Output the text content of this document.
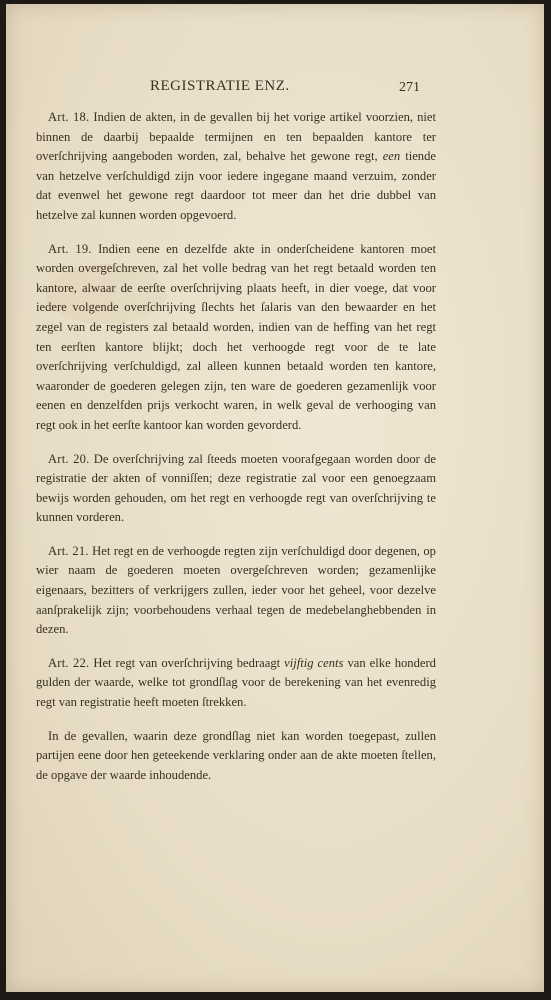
REGISTRATIE ENZ.	271

Art. 18. Indien de akten, in de gevallen bij het vorige artikel voorzien, niet binnen de daarbij bepaalde termijnen en ten bepaalden kantore ter overſchrijving aangeboden worden, zal, behalve het gewone regt, een tiende van hetzelve verſchuldigd zijn voor iedere ingegane maand verzuim, zonder dat evenwel het gewone regt daardoor tot meer dan het drie dubbel van hetzelve zal kunnen worden opgevoerd.

Art. 19. Indien eene en dezelfde akte in onderſcheidene kantoren moet worden overgeſchreven, zal het volle bedrag van het regt betaald worden ten kantore, alwaar de eerſte overſchrijving plaats heeft, in dier voege, dat voor iedere volgende overſchrijving ſlechts het ſalaris van den bewaarder en het zegel van de registers zal betaald worden, indien van de heffing van het regt ten eerſten kantore blijkt; doch het verhoogde regt voor de te late overſchrijving verſchuldigd, zal alleen kunnen betaald worden ten kantore, waaronder de goederen gelegen zijn, ten ware de goederen gezamenlijk voor eenen en denzelfden prijs verkocht waren, in welk geval de verhooging van regt ook in het eerſte kantoor kan worden gevorderd.

Art. 20. De overſchrijving zal ſteeds moeten voorafgegaan worden door de registratie der akten of vonniſſen; deze registratie zal voor een genoegzaam bewijs worden gehouden, om het regt en verhoogde regt van overſchrijving te kunnen vorderen.

Art. 21. Het regt en de verhoogde regten zijn verſchuldigd door degenen, op wier naam de goederen moeten overgeſchreven worden; gezamenlijke eigenaars, bezitters of verkrijgers zullen, ieder voor het geheel, voor dezelve aanſprakelijk zijn; voorbehoudens verhaal tegen de medebelanghebbenden in dezen.

Art. 22. Het regt van overſchrijving bedraagt vijftig cents van elke honderd gulden der waarde, welke tot grondſlag voor de berekening van het evenredig regt van registratie heeft moeten ſtrekken.

In de gevallen, waarin deze grondſlag niet kan worden toegepast, zullen partijen eene door hen geteekende verklaring onder aan de akte moeten ſtellen, de opgave der waarde inhoudende.
